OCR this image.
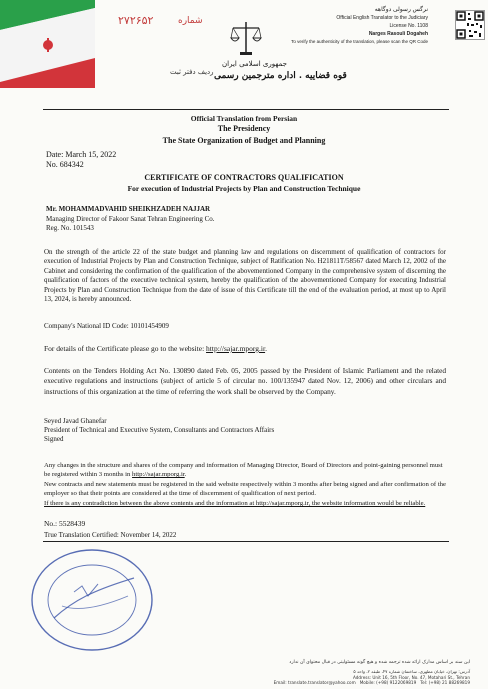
۲۷۲۶۵۲	شماره
ردیف دفتر ثبت
جمهوری اسلامی ایران
قوه قضاییه . اداره مترجمین رسمی
نرگس رسولی دوگاهه
Official English Translator to the Judiciary
License No. 1108
Narges Rasouli Dogaheh
To verify the authenticity of the translation, please scan the QR Code
Official Translation from Persian
The Presidency
The State Organization of Budget and Planning
Date: March 15, 2022
No. 684342
CERTIFICATE OF CONTRACTORS QUALIFICATION
For execution of Industrial Projects by Plan and Construction Technique
Mr. MOHAMMADVAHID SHEIKHZADEH NAJJAR
Managing Director of Fakoor Sanat Tehran Engineering Co.
Reg. No. 101543
On the strength of the article 22 of the state budget and planning law and regulations on discernment of qualification of contractors for execution of Industrial Projects by Plan and Construction Technique, subject of Ratification No. H21811T/58567 dated March 12, 2002 of the Cabinet and considering the confirmation of the qualification of the abovementioned Company in the comprehensive system of discerning the qualification of factors of the executive technical system, hereby the qualification of the abovementioned Company for executing Industrial Projects by Plan and Construction Technique from the date of issue of this Certificate till the end of the evaluation period, at most up to April 13, 2024, is hereby announced.
Company's National ID Code: 10101454909
For details of the Certificate please go to the website: http://sajar.mporg.ir.
Contents on the Tenders Holding Act No. 130890 dated Feb. 05, 2005 passed by the President of Islamic Parliament and the related executive regulations and instructions (subject of article 5 of circular no. 100/135947 dated Nov. 12, 2006) and other circulars and instructions of this organization at the time of referring the work shall be observed by the Company.
Seyed Javad Ghanefar
President of Technical and Executive System, Consultants and Contractors Affairs
Signed
Any changes in the structure and shares of the company and information of Managing Director, Board of Directors and point-gaining personnel must be registered within 3 months in http://sajar.mporg.ir.
New contracts and new statements must be registered in the said website respectively within 3 months after being signed and after confirmation of the employer so that their points are considered at the time of discernment of qualification of next period.
If there is any contradiction between the above contents and the information at http://sajar.mporg.ir, the website information would be reliable.
No.: 5528439
True Translation Certified: November 14, 2022
این سند بر اساس مدارک ارائه شده ترجمه شده و هیچ گونه مسئولیتی در قبال محتوای آن ندارد
آدرس: تهران، خیابان مطهری، ساختمان شماره ۴۷، طبقه ۲، واحد ۵
Address: Unit 16, 5th Floor, No. 47, Motahari St., Tehran
Email: translate.translator@yahoo.com Mobile: (+98) 9122069819 Tel: (+98) 21 88269819
